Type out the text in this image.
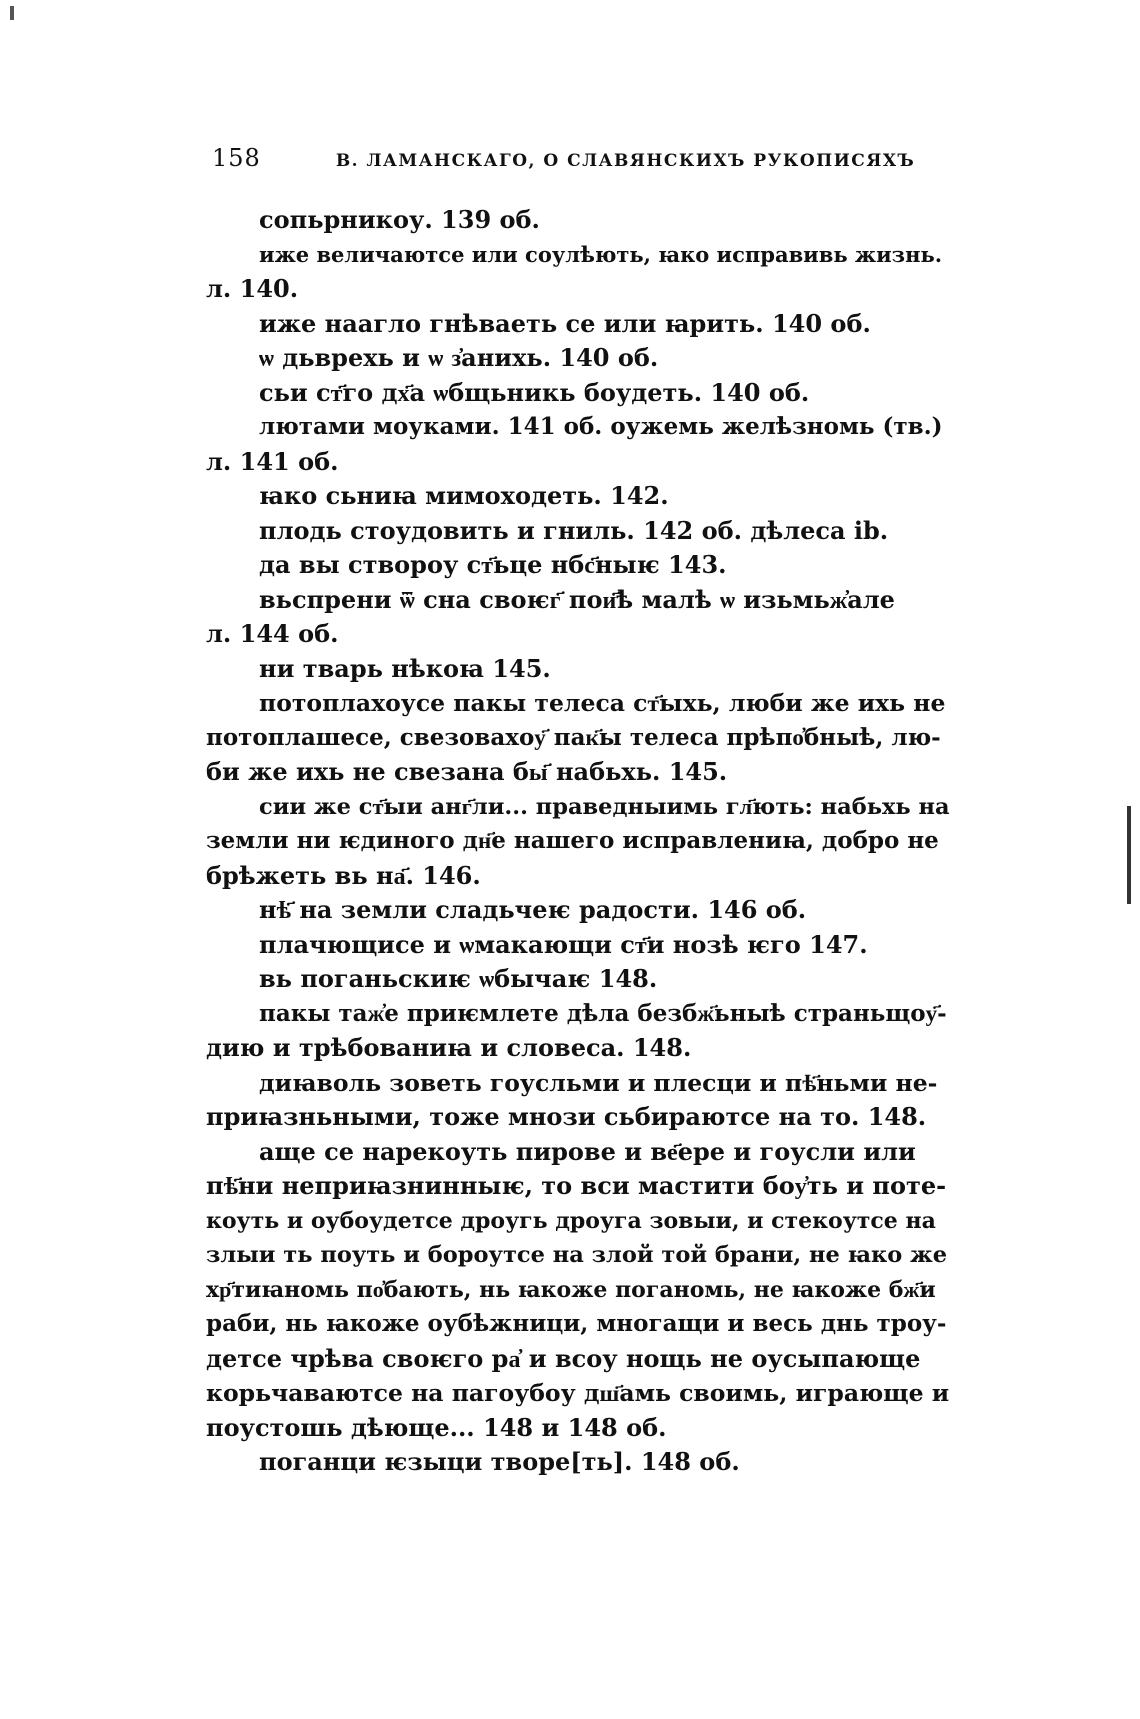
158	В. ЛАМАНСКАГО, О СЛАВЯНСКИХЪ РУКОПИСЯХЪ

сопьрникоу. 139 об.

иже величаютсе или соулѣють, ꙗко исправивь жизнь.

л. 140.

иже наагло гнѣваеть се или ꙗрить. 140 об.

ѡ дьврехь и ѡ з҆анихь. 140 об.

сьи ст҃го дх҃а ѡбщьникь боудеть. 140 об.

лютами моуками. 141 об. оужемь желѣзномь (тв.)

л. 141 об.

ꙗко сьниꙗ мимоходеть. 142.

плодь стоудовить и гниль. 142 об. дѣлеса ib.

да вы створоу ст҃ьце нбс҃ныѥ 143.

вьспрени ѿ сна своѥг҃ пои҃ѣ малѣ ѡ изьмьж҆але

л. 144 об.

ни тварь нѣкоꙗ 145.

потоплахоусе пакы телеса ст҃ыхь, люби же ихь не

потоплашесе, свезовахоу҃ пак҃ы телеса прѣпо҆бныѣ, лю-

би же ихь не свезана бы҃ набьхь. 145.

сии же ст҃ыи анг҃ли... праведныимь гл҃ють: набьхь на

земли ни ѥдиного дн҃е нашего исправлениꙗ, добро не

брѣжеть вь на҃. 146.

нѣ҃ на земли сладьчеѥ радости. 146 об.

плачющисе и ѡмакающи ст҃и нозѣ ѥго 147.

вь поганьскиѥ ѡбычаѥ 148.

пакы таж҆е приѥмлете дѣла безбж҃ьныѣ страньщоу҃-

дию и трѣбованиꙗ и словеса. 148.

диꙗволь зоветь гоусльми и плесци и пѣ҃ньми не-

приꙗзньными, тоже мнози сьбираютсе на то. 148.

аще се нарекоуть пирове и ве҃ере и гоусли или

пѣ҃ни неприꙗзнинныѥ, то вси мастити боу҆ть и поте-

коуть и оубоудетсе дроугь дроуга зовыи, и стекоутсе на

злыи ть поуть и бороутсе на злой той брани, не ꙗко же

хр҃тиꙗномь по҆бають, нь ꙗкоже поганомь, не ꙗкоже бж҃и

раби, нь ꙗкоже оубѣжници, многащи и весь днь троу-

детсе чрѣва своѥго ра҆ и всоу нощь не оусыпающе

корьчаваютсе на пагоубоу дш҃амь своимь, играюще и

поустошь дѣюще... 148 и 148 об.

поганци ѥзыци творе[ть]. 148 об.
